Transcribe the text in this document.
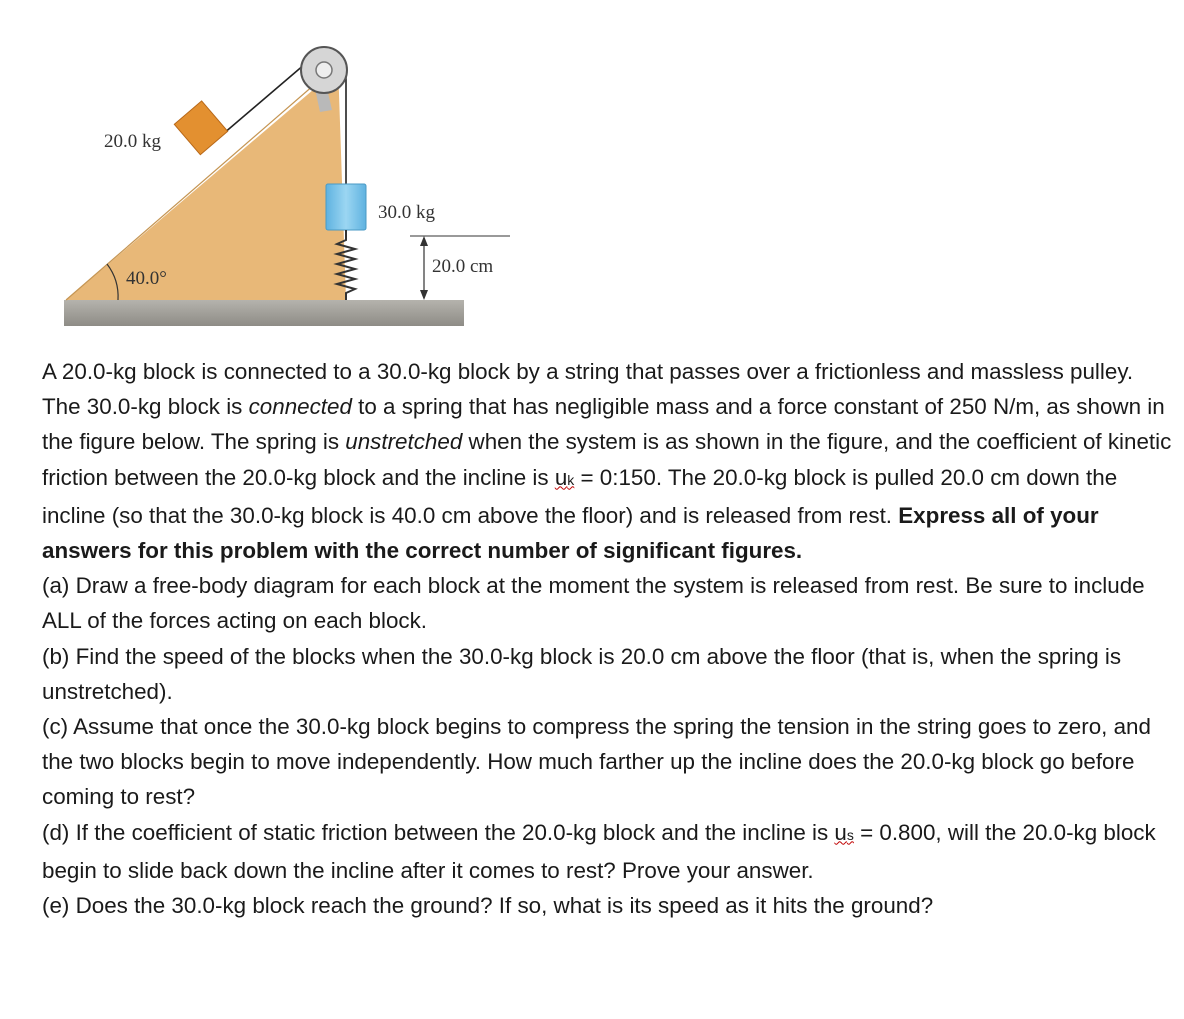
40.0°
20.0 kg
30.0 kg
20.0 cm

A 20.0-kg block is connected to a 30.0-kg block by a string that passes over a frictionless and massless pulley. The 30.0-kg block is connected to a spring that has negligible mass and a force constant of 250 N/m, as shown in the figure below. The spring is unstretched when the system is as shown in the figure, and the coefficient of kinetic friction between the 20.0-kg block and the incline is uk = 0:150. The 20.0-kg block is pulled 20.0 cm down the incline (so that the 30.0-kg block is 40.0 cm above the floor) and is released from rest. Express all of your answers for this problem with the correct number of significant figures.

(a) Draw a free-body diagram for each block at the moment the system is released from rest. Be sure to include ALL of the forces acting on each block.

(b) Find the speed of the blocks when the 30.0-kg block is 20.0 cm above the floor (that is, when the spring is unstretched).

(c) Assume that once the 30.0-kg block begins to compress the spring the tension in the string goes to zero, and the two blocks begin to move independently. How much farther up the incline does the 20.0-kg block go before coming to rest?

(d) If the coefficient of static friction between the 20.0-kg block and the incline is us = 0.800, will the 20.0-kg block begin to slide back down the incline after it comes to rest? Prove your answer.

(e) Does the 30.0-kg block reach the ground? If so, what is its speed as it hits the ground?
